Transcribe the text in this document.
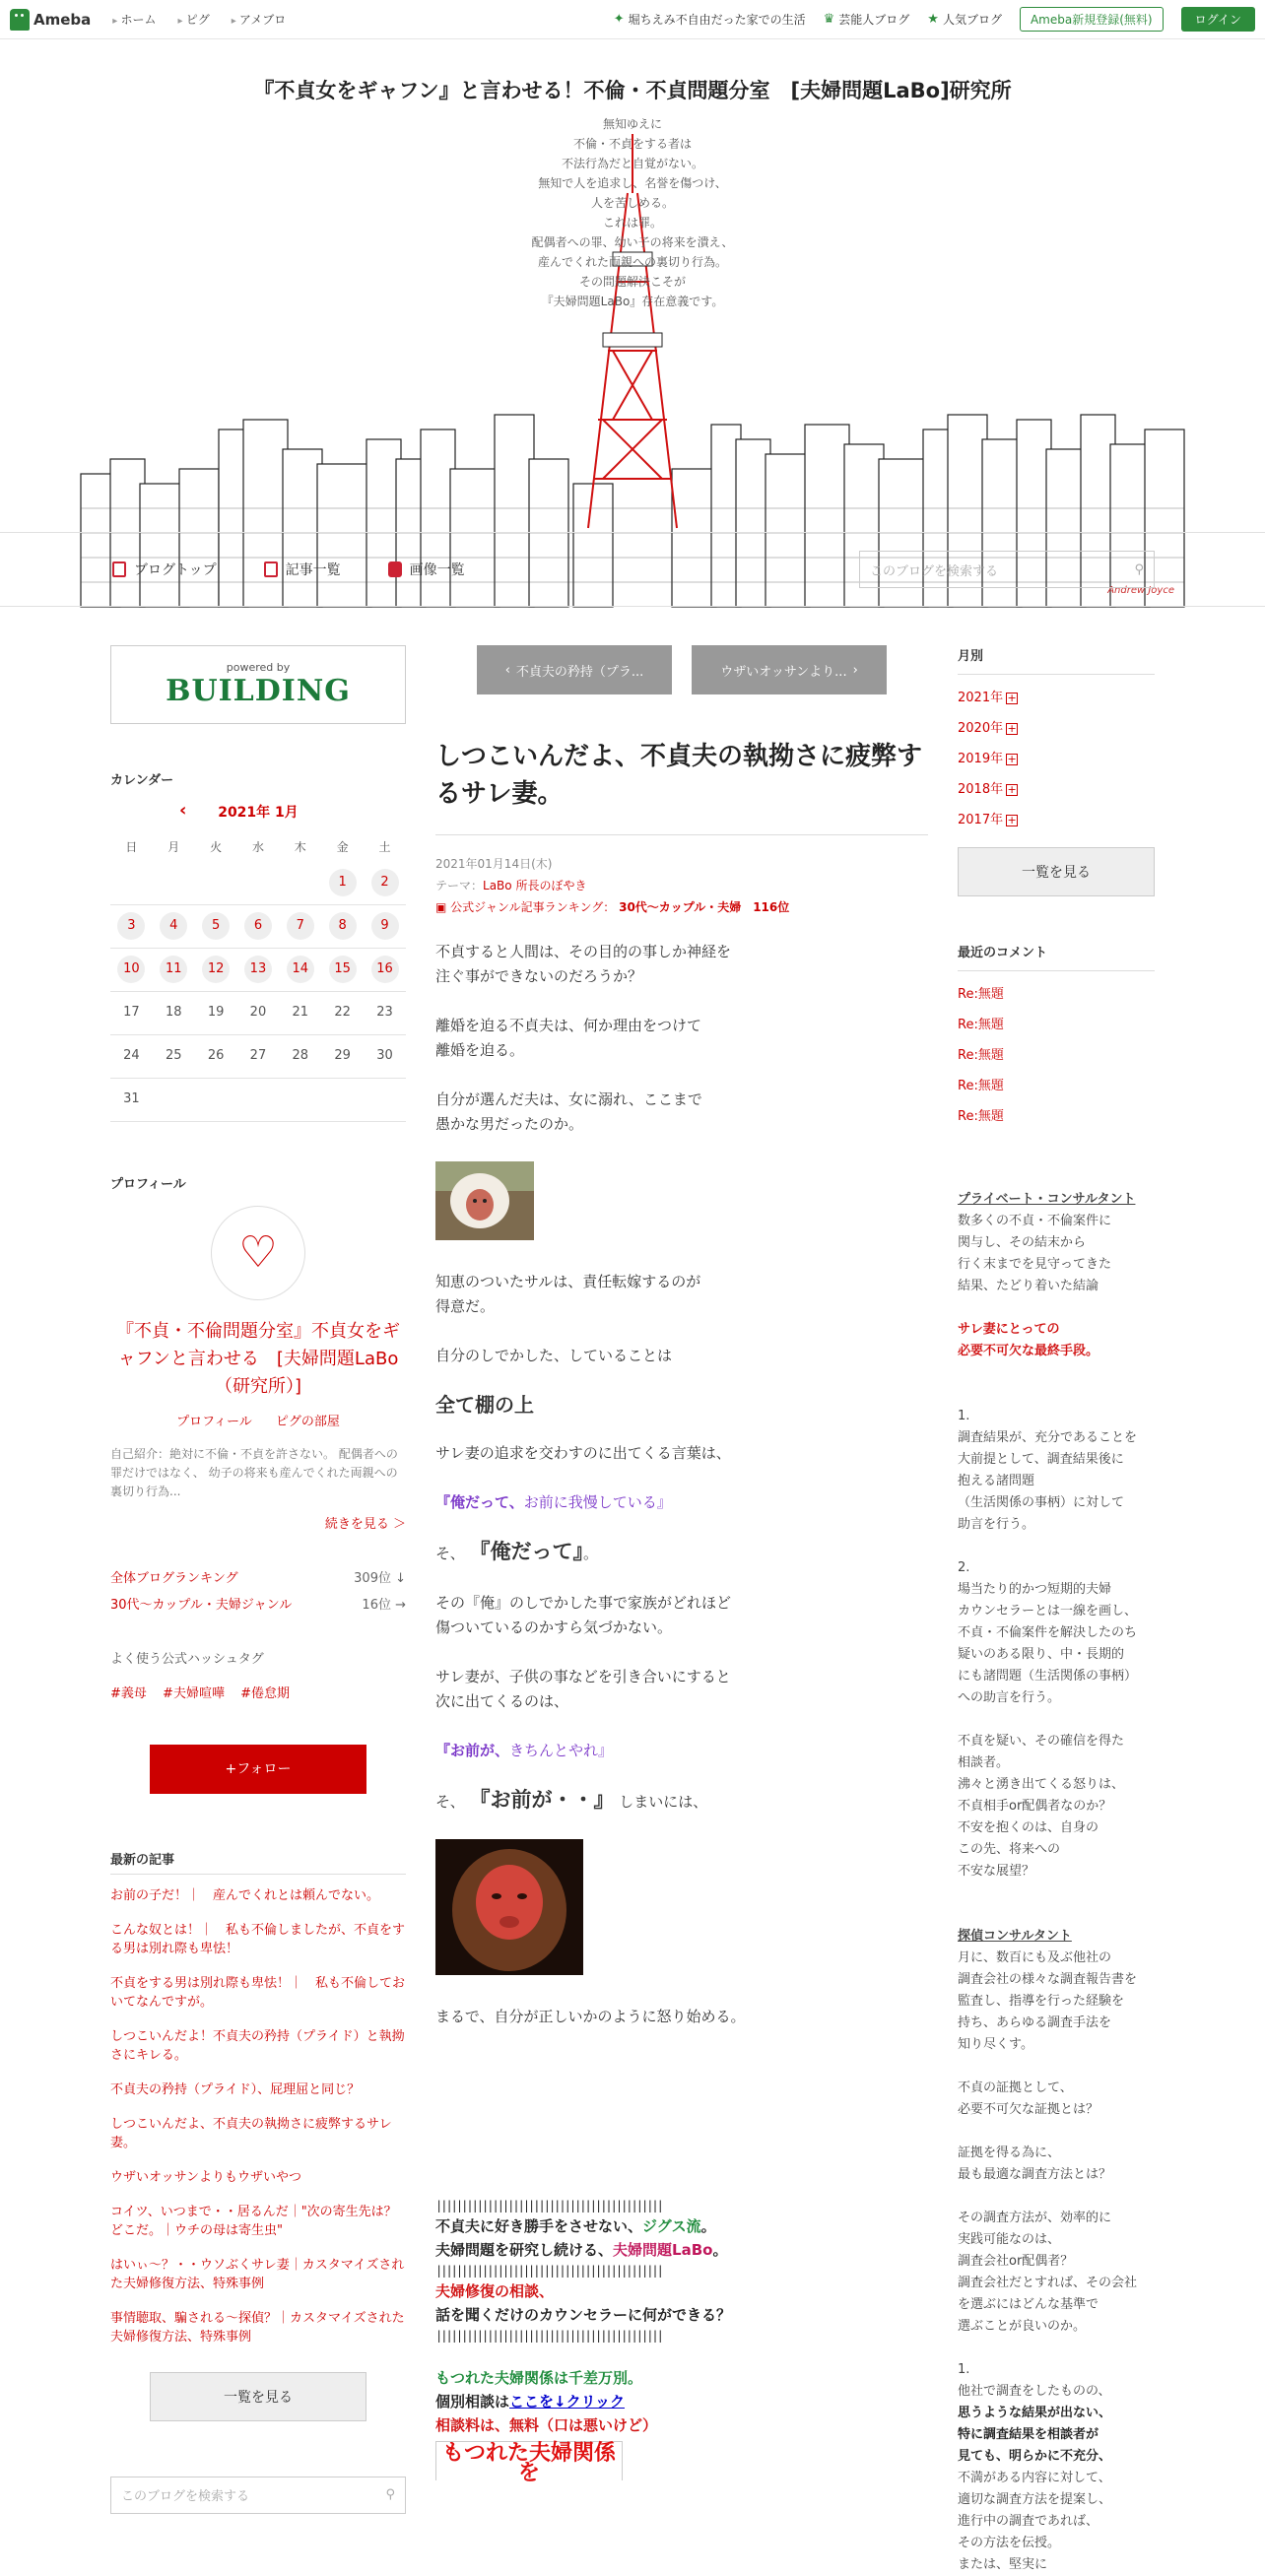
Ameba	▸ ホーム	▸ ピグ	▸ アメブロ	✦ 堀ちえみ不自由だった家での生活 ♛ 芸能人ブログ ★ 人気ブログ	Ameba新規登録(無料)	ログイン
『不貞女をギャフン』と言わせる！不倫・不貞問題分室　[夫婦問題LaBo]研究所
無知ゆえに
不倫・不貞をする者は
不法行為だと自覚がない。
無知で人を追求し、名誉を傷つけ、
人を苦しめる。
これは罪。
配偶者への罪、幼い子の将来を潰え、
産んでくれた両親への裏切り行為。
その問題解決こそが
『夫婦問題LaBo』存在意義です。
Andrew Joyce
ブログトップ	記事一覧	画像一覧	このブログを検索する	⚲
powered by
BUILDING
カレンダー
‹ 2021年 1月
日	月	火	水	木	金	土
					1	2
3	4	5	6	7	8	9
10	11	12	13	14	15	16
17	18	19	20	21	22	23
24	25	26	27	28	29	30
31						
プロフィール
♡
『不貞・不倫問題分室』不貞女をギャフンと言わせる　[夫婦問題LaBo（研究所）]
プロフィール ピグの部屋
自己紹介：絶対に不倫・不貞を許さない。 配偶者への罪だけではなく、 幼子の将来も産んでくれた両親への裏切り行為...
続きを見る ＞
全体ブログランキング	309位 ↓
30代〜カップル・夫婦ジャンル	16位 →
よく使う公式ハッシュタグ
#義母 #夫婦喧嘩 #倦怠期
+フォロー
最新の記事
お前の子だ！｜　産んでくれとは頼んでない。
こんな奴とは！｜　私も不倫しましたが、不貞をする男は別れ際も卑怯！
不貞をする男は別れ際も卑怯！｜　私も不倫しておいてなんですが。
しつこいんだよ！不貞夫の矜持（プライド）と執拗さにキレる。
不貞夫の矜持（プライド）、屁理屈と同じ？
しつこいんだよ、不貞夫の執拗さに疲弊するサレ妻。
ウザいオッサンよりもウザいやつ
コイツ、いつまで・・居るんだ｜"次の寄生先は？どこだ。｜ウチの母は寄生虫"
はいぃ〜？・・ウソぶくサレ妻｜カスタマイズされた夫婦修復方法、特殊事例
事情聴取、騙される〜探偵？｜カスタマイズされた夫婦修復方法、特殊事例
一覧を見る
このブログを検索する	⚲
‹ 不貞夫の矜持（プラ...	ウザいオッサンより... ›
しつこいんだよ、不貞夫の執拗さに疲弊するサレ妻。
2021年01月14日(木)
テーマ：LaBo 所長のぼやき
▣ 公式ジャンル記事ランキング： 30代〜カップル・夫婦　116位

不貞すると人間は、その目的の事しか神経を
注ぐ事ができないのだろうか？

離婚を迫る不貞夫は、何か理由をつけて
離婚を迫る。

自分が選んだ夫は、女に溺れ、ここまで
愚かな男だったのか。

知恵のついたサルは、責任転嫁するのが
得意だ。

自分のしでかした、していることは

全て棚の上

サレ妻の追求を交わすのに出てくる言葉は、

『俺だって、お前に我慢している』

そ、 『俺だって』。

その『俺』のしでかした事で家族がどれほど
傷ついているのかすら気づかない。

サレ妻が、子供の事などを引き合いにすると
次に出てくるのは、

『お前が、きちんとやれ』

そ、 『お前が・・』 しまいには、

まるで、自分が正しいかのように怒り始める。

||||||||||||||||||||||||||||||||||||||||||||
不貞夫に好き勝手をさせない、ジグス流。
夫婦問題を研究し続ける、夫婦問題LaBo。
||||||||||||||||||||||||||||||||||||||||||||
夫婦修復の相談、
話を聞くだけのカウンセラーに何ができる？
||||||||||||||||||||||||||||||||||||||||||||
もつれた夫婦関係は千差万別。
個別相談はここを↓クリック
相談料は、無料（口は悪いけど）
もつれた夫婦関係を
月別
2021年 +
2020年 +
2019年 +
2018年 +
2017年 +
一覧を見る
最近のコメント
Re:無題
Re:無題
Re:無題
Re:無題
Re:無題
プライベート・コンサルタント
数多くの不貞・不倫案件に
関与し、その結末から
行く末までを見守ってきた
結果、たどり着いた結論

サレ妻にとっての
必要不可欠な最終手段。

1.
調査結果が、充分であることを
大前提として、調査結果後に
抱える諸問題
（生活関係の事柄）に対して
助言を行う。

2.
場当たり的かつ短期的夫婦
カウンセラーとは一線を画し、
不貞・不倫案件を解決したのち
疑いのある限り、中・長期的
にも諸問題（生活関係の事柄）
への助言を行う。

不貞を疑い、その確信を得た
相談者。
沸々と湧き出てくる怒りは、
不貞相手or配偶者なのか？
不安を抱くのは、自身の
この先、将来への
不安な展望？

探偵コンサルタント
月に、数百にも及ぶ他社の
調査会社の様々な調査報告書を
監査し、指導を行った経験を
持ち、あらゆる調査手法を
知り尽くす。

不貞の証拠として、
必要不可欠な証拠とは？

証拠を得る為に、
最も最適な調査方法とは？

その調査方法が、効率的に
実践可能なのは、
調査会社or配偶者？
調査会社だとすれば、その会社
を選ぶにはどんな基準で
選ぶことが良いのか。

1.
他社で調査をしたものの、
思うような結果が出ない、
特に調査結果を相談者が
見ても、明らかに不充分、
不満がある内容に対して、
適切な調査方法を提案し、
進行中の調査であれば、
その方法を伝授。
または、堅実に
